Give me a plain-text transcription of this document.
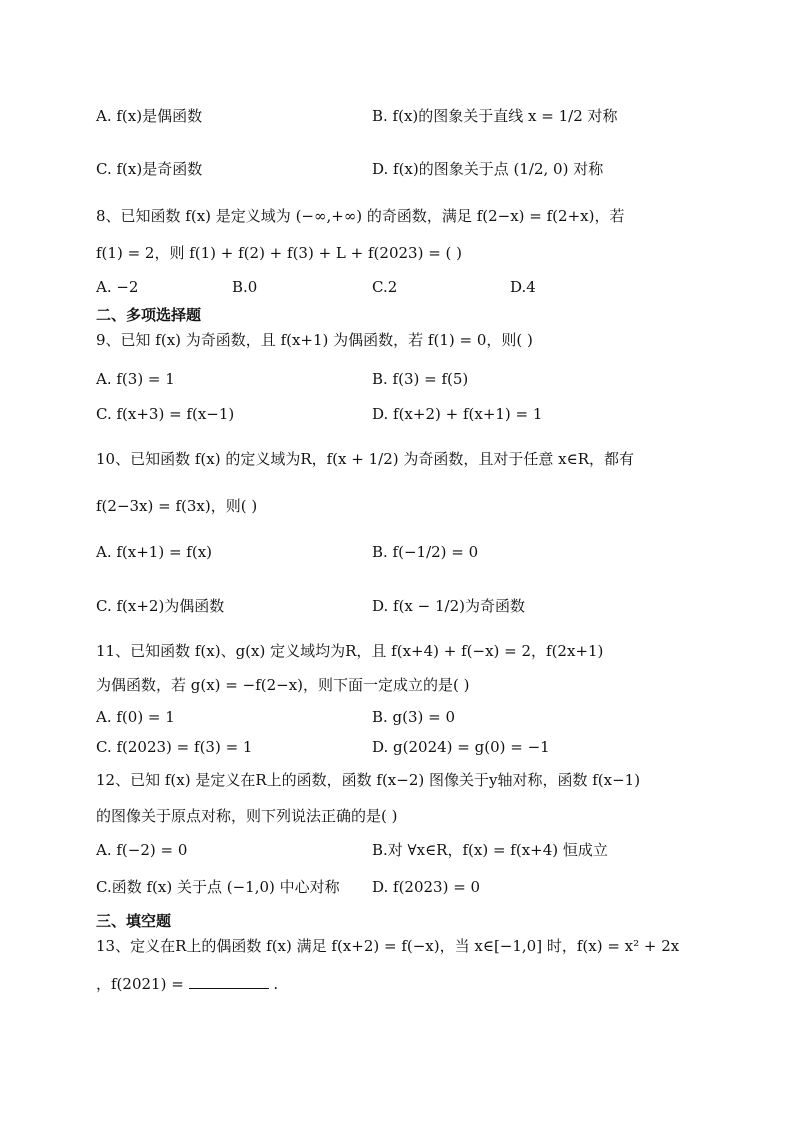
A. f(x)是偶函数	B. f(x)的图象关于直线 x = 1/2 对称
C. f(x)是奇函数	D. f(x)的图象关于点 (1/2, 0) 对称
8、已知函数 f(x) 是定义域为 (−∞,+∞) 的奇函数，满足 f(2−x) = f(2+x)，若
f(1) = 2，则 f(1) + f(2) + f(3) + L + f(2023) = ( )
A. −2	B.0	C.2	D.4
二、多项选择题
9、已知 f(x) 为奇函数，且 f(x+1) 为偶函数，若 f(1) = 0，则( )
A. f(3) = 1	B. f(3) = f(5)
C. f(x+3) = f(x−1)	D. f(x+2) + f(x+1) = 1
10、已知函数 f(x) 的定义域为R，f(x + 1/2) 为奇函数，且对于任意 x∈R，都有
f(2−3x) = f(3x)，则( )
A. f(x+1) = f(x)	B. f(−1/2) = 0
C. f(x+2)为偶函数	D. f(x − 1/2)为奇函数
11、已知函数 f(x)、g(x) 定义域均为R，且 f(x+4) + f(−x) = 2，f(2x+1)
为偶函数，若 g(x) = −f(2−x)，则下面一定成立的是( )
A. f(0) = 1	B. g(3) = 0
C. f(2023) = f(3) = 1	D. g(2024) = g(0) = −1
12、已知 f(x) 是定义在R上的函数，函数 f(x−2) 图像关于y轴对称，函数 f(x−1)
的图像关于原点对称，则下列说法正确的是( )
A. f(−2) = 0	B.对 ∀x∈R，f(x) = f(x+4) 恒成立
C.函数 f(x) 关于点 (−1,0) 中心对称 D. f(2023) = 0
三、填空题
13、定义在R上的偶函数 f(x) 满足 f(x+2) = f(−x)，当 x∈[−1,0] 时，f(x) = x² + 2x
，f(2021) =	.
